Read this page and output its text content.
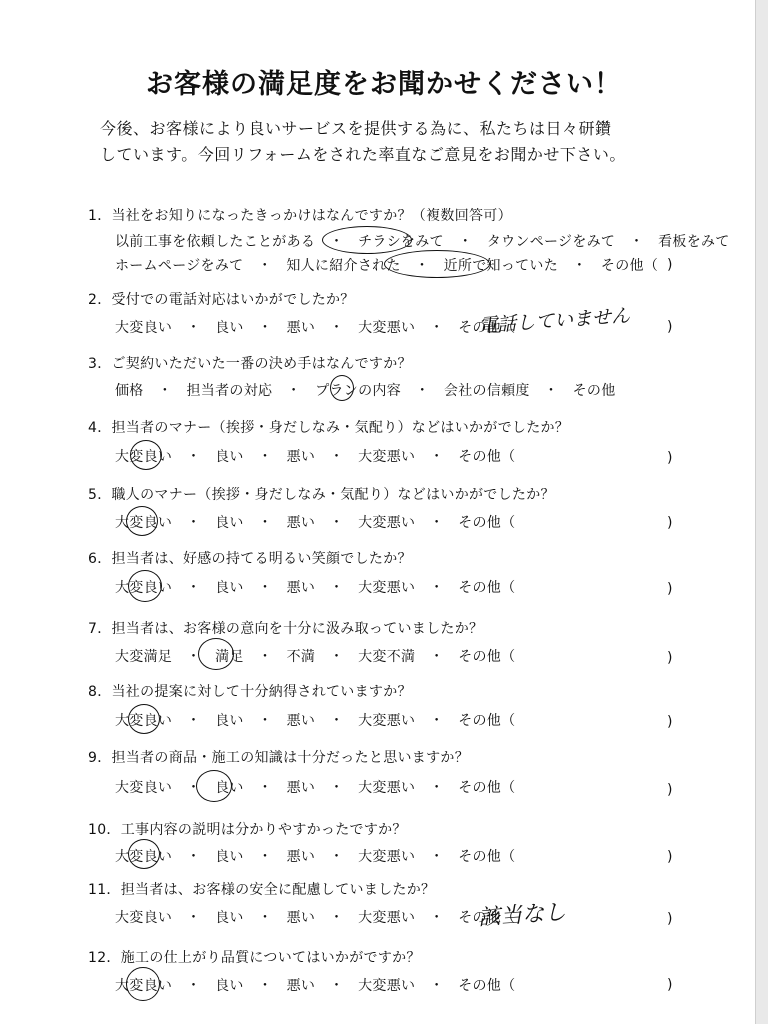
お客様の満足度をお聞かせください！
今後、お客様により良いサービスを提供する為に、私たちは日々研鑽
しています。今回リフォームをされた率直なご意見をお聞かせ下さい。
1．当社をお知りになったきっかけはなんですか？（複数回答可）
以前工事を依頼したことがある　・　チラシをみて　・　タウンページをみて　・　看板をみて
ホームページをみて　・　知人に紹介された　・　近所で知っていた　・　その他（ )
2．受付での電話対応はいかがでしたか？
大変良い　・　良い　・　悪い　・　大変悪い　・　その他（	)
電話していません
3．ご契約いただいた一番の決め手はなんですか？
価格　・　担当者の対応　・　プランの内容　・　会社の信頼度　・　その他
4．担当者のマナー（挨拶・身だしなみ・気配り）などはいかがでしたか？
大変良い　・　良い　・　悪い　・　大変悪い　・　その他（	)
5．職人のマナー（挨拶・身だしなみ・気配り）などはいかがでしたか？
大変良い　・　良い　・　悪い　・　大変悪い　・　その他（	)
6．担当者は、好感の持てる明るい笑顔でしたか？
大変良い　・　良い　・　悪い　・　大変悪い　・　その他（	)
7．担当者は、お客様の意向を十分に汲み取っていましたか？
大変満足　・　満足　・　不満　・　大変不満　・　その他（	)
8．当社の提案に対して十分納得されていますか？
大変良い　・　良い　・　悪い　・　大変悪い　・　その他（	)
9．担当者の商品・施工の知識は十分だったと思いますか？
大変良い　・　良い　・　悪い　・　大変悪い　・　その他（	)
10．工事内容の説明は分かりやすかったですか？
大変良い　・　良い　・　悪い　・　大変悪い　・　その他（	)
11．担当者は、お客様の安全に配慮していましたか？
大変良い　・　良い　・　悪い　・　大変悪い　・　その他（	)
該当なし
12．施工の仕上がり品質についてはいかがですか？
大変良い　・　良い　・　悪い　・　大変悪い　・　その他（	)
